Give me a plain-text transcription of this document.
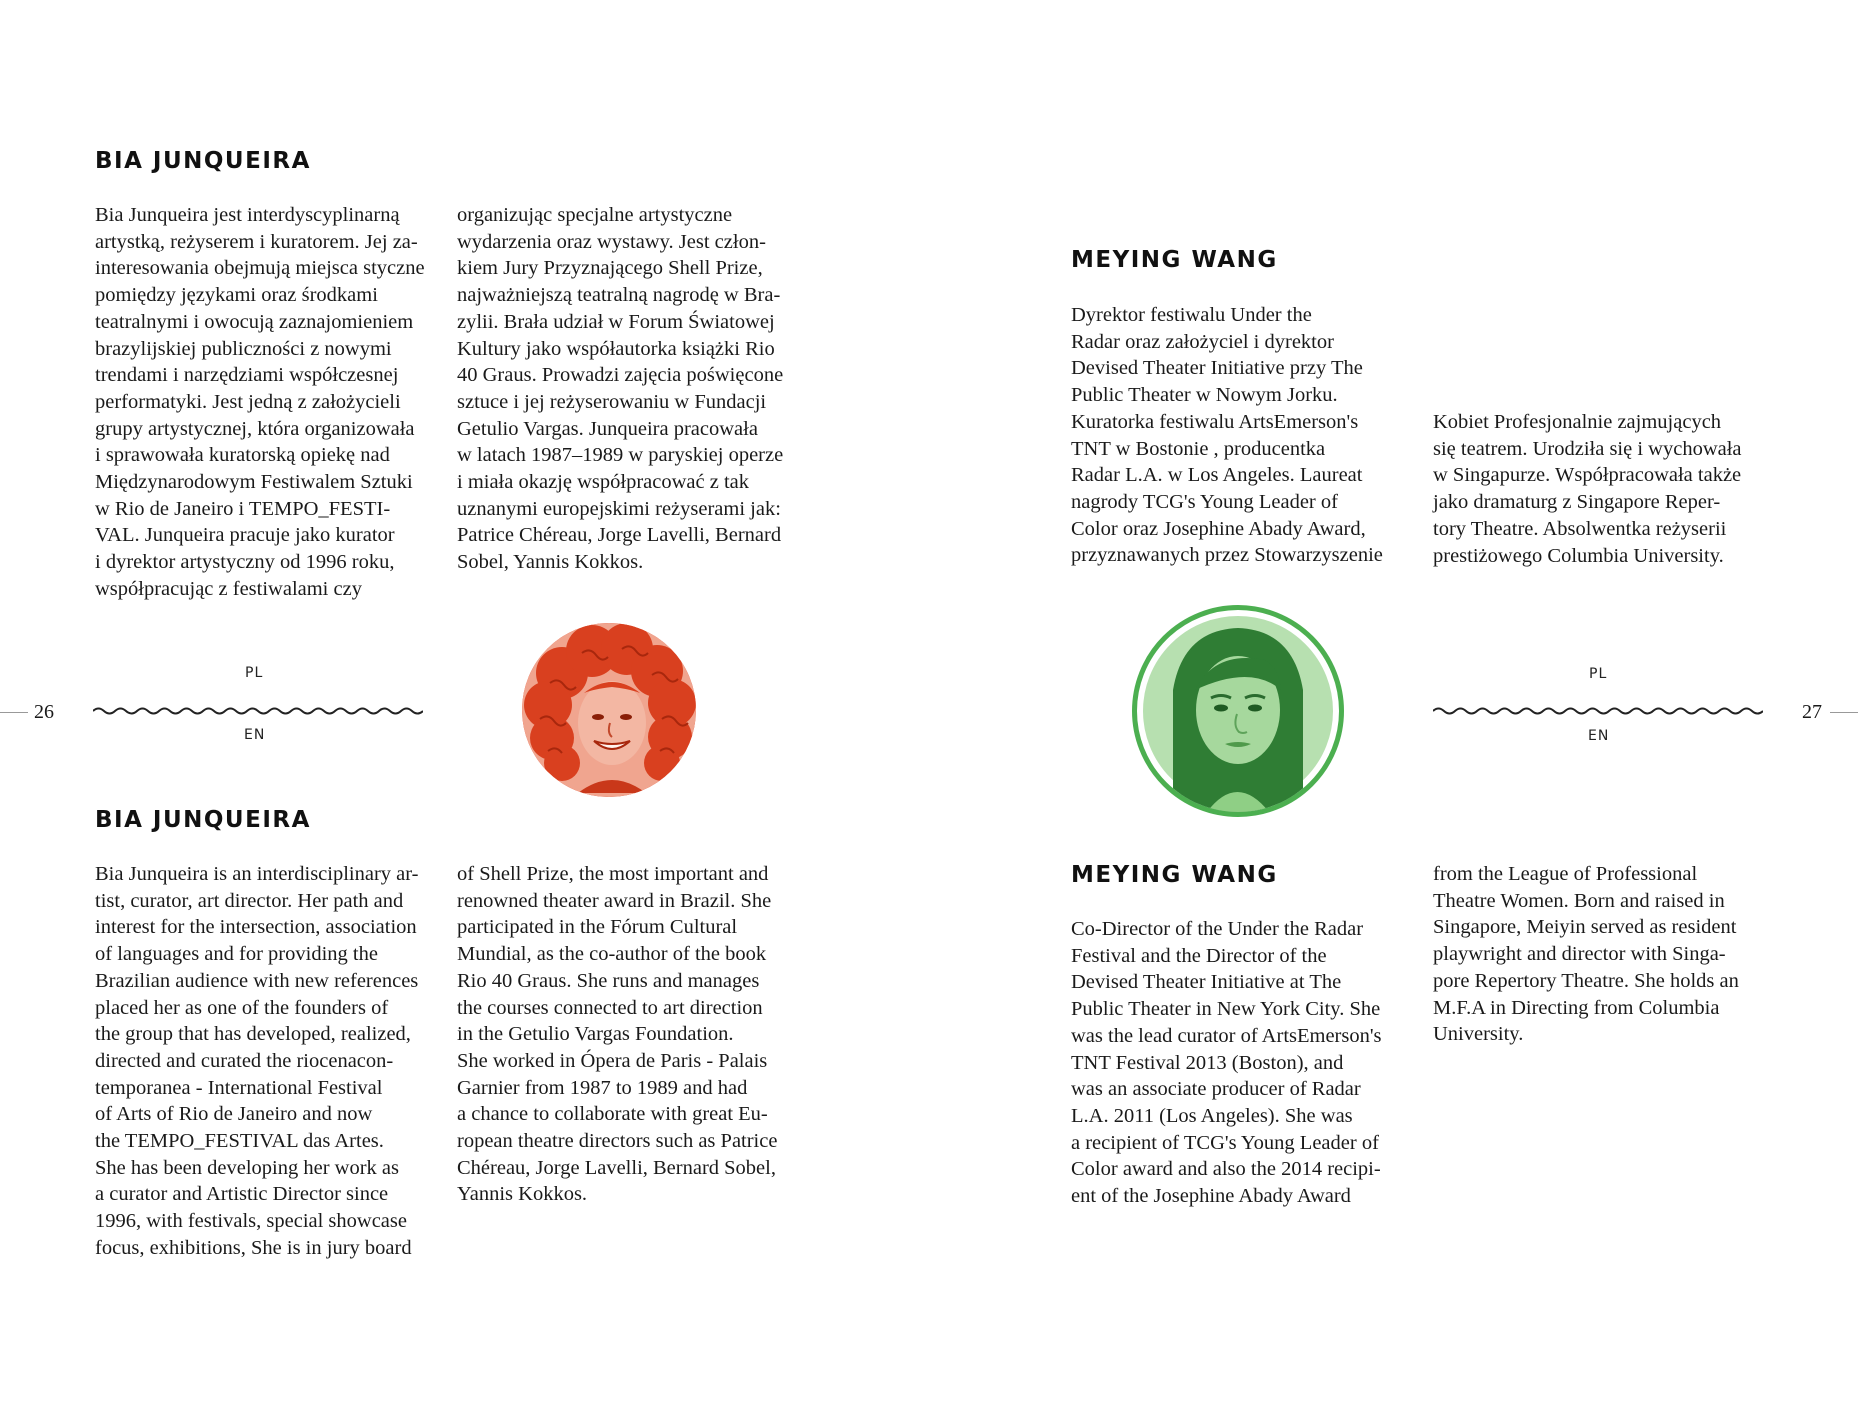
BIA JUNQUEIRA

Bia Junqueira jest interdyscyplinarną
artystką, reżyserem i kuratorem. Jej za-
interesowania obejmują miejsca styczne
pomiędzy językami oraz środkami
teatralnymi i owocują zaznajomieniem
brazylijskiej publiczności z nowymi
trendami i narzędziami współczesnej
performatyki. Jest jedną z założycieli
grupy artystycznej, która organizowała
i sprawowała kuratorską opiekę nad
Międzynarodowym Festiwalem Sztuki
w Rio de Janeiro i TEMPO_FESTI-
VAL. Junqueira pracuje jako kurator
i dyrektor artystyczny od 1996 roku,
współpracując z festiwalami czy

organizując specjalne artystyczne
wydarzenia oraz wystawy. Jest człon-
kiem Jury Przyznającego Shell Prize,
najważniejszą teatralną nagrodę w Bra-
zylii. Brała udział w Forum Światowej
Kultury jako współautorka książki Rio
40 Graus. Prowadzi zajęcia poświęcone
sztuce i jej reżyserowaniu w Fundacji
Getulio Vargas. Junqueira pracowała
w latach 1987–1989 w paryskiej operze
i miała okazję współpracować z tak
uznanymi europejskimi reżyserami jak:
Patrice Chéreau, Jorge Lavelli, Bernard
Sobel, Yannis Kokkos.

26
PL
EN
BIA JUNQUEIRA

Bia Junqueira is an interdisciplinary ar-
tist, curator, art director. Her path and
interest for the intersection, association
of languages and for providing the
Brazilian audience with new references
placed her as one of the founders of
the group that has developed, realized,
directed and curated the riocenacon-
temporanea - International Festival
of Arts of Rio de Janeiro and now
the TEMPO_FESTIVAL das Artes.
She has been developing her work as
a curator and Artistic Director since
1996, with festivals, special showcase
focus, exhibitions, She is in jury board

of Shell Prize, the most important and
renowned theater award in Brazil. She
participated in the Fórum Cultural
Mundial, as the co-author of the book
Rio 40 Graus. She runs and manages
the courses connected to art direction
in the Getulio Vargas Foundation.
She worked in Ópera de Paris - Palais
Garnier from 1987 to 1989 and had
a chance to collaborate with great Eu-
ropean theatre directors such as Patrice
Chéreau, Jorge Lavelli, Bernard Sobel,
Yannis Kokkos.

MEYING WANG

Dyrektor festiwalu Under the
Radar oraz założyciel i dyrektor
Devised Theater Initiative przy The
Public Theater w Nowym Jorku.
Kuratorka festiwalu ArtsEmerson's
TNT w Bostonie , producentka
Radar L.A. w Los Angeles. Laureat
nagrody TCG's Young Leader of
Color oraz Josephine Abady Award,
przyznawanych przez Stowarzyszenie

Kobiet Profesjonalnie zajmujących
się teatrem. Urodziła się i wychowała
w Singapurze. Współpracowała także
jako dramaturg z Singapore Reper-
tory Theatre. Absolwentka reżyserii
prestiżowego Columbia University.

PL
EN
27
MEYING WANG

Co-Director of the Under the Radar
Festival and the Director of the
Devised Theater Initiative at The
Public Theater in New York City. She
was the lead curator of ArtsEmerson's
TNT Festival 2013 (Boston), and
was an associate producer of Radar
L.A. 2011 (Los Angeles). She was
a recipient of TCG's Young Leader of
Color award and also the 2014 recipi-
ent of the Josephine Abady Award

from the League of Professional
Theatre Women. Born and raised in
Singapore, Meiyin served as resident
playwright and director with Singa-
pore Repertory Theatre. She holds an
M.F.A in Directing from Columbia
University.
